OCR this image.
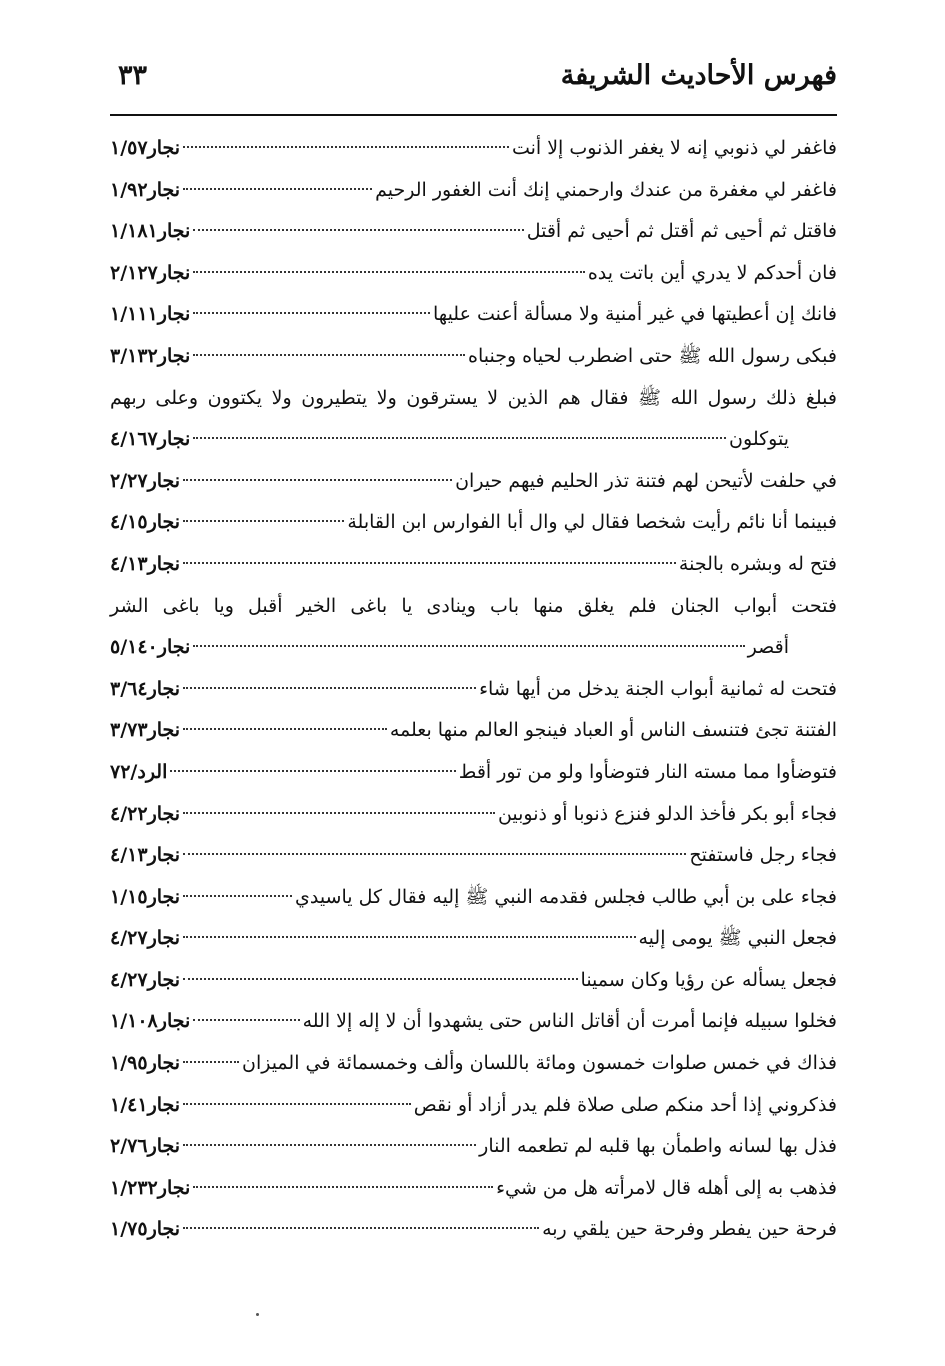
فهرس الأحاديث الشريفة
٣٣
فاغفر لي ذنوبي إنه لا يغفر الذنوب إلا أنت
نجار١/٥٧
فاغفر لي مغفرة من عندك وارحمني إنك أنت الغفور الرحيم
نجار١/٩٢
فاقتل ثم أحيى ثم أقتل ثم أحيى ثم أقتل
نجار١/١٨١
فان أحدكم لا يدري أين باتت يده
نجار٢/١٢٧
فانك إن أعطيتها في غير أمنية ولا مسألة أعنت عليها
نجار١/١١١
فبكى رسول الله ﷺ حتى اضطرب لحياه وجنباه
نجار٣/١٣٢
فبلغ ذلك رسول الله ﷺ فقال هم الذين لا يسترقون ولا يتطيرون ولا يكتوون وعلى ربهم
يتوكلون
نجار٤/١٦٧
في حلفت لأتيحن لهم فتنة تذر الحليم فيهم حيران
نجار٢/٢٧
فبينما أنا نائم رأيت شخصا فقال لي وال أبا الفوارس ابن القابلة
نجار٤/١٥
فتح له وبشره بالجنة
نجار٤/١٣
فتحت أبواب الجنان فلم يغلق منها باب وينادى يا باغى الخير أقبل ويا باغى الشر
أقصر
نجار٥/١٤٠
فتحت له ثمانية أبواب الجنة يدخل من أيها شاء
نجار٣/٦٤
الفتنة تجئ فتنسف الناس أو العباد فينجو العالم منها بعلمه
نجار٣/٧٣
فتوضأوا مما مسته النار فتوضأوا ولو من تور أقط
الرد/٧٢
فجاء أبو بكر فأخذ الدلو فنزع ذنوبا أو ذنوبين
نجار٤/٢٢
فجاء رجل فاستفتح
نجار٤/١٣
فجاء على بن أبي طالب فجلس فقدمه النبي ﷺ إليه فقال كل ياسيدي
نجار١/١٥
فجعل النبي ﷺ يومى إليه
نجار٤/٢٧
فجعل يسأله عن رؤيا وكان سمينا
نجار٤/٢٧
فخلوا سبيله فإنما أمرت أن أقاتل الناس حتى يشهدوا أن لا إله إلا الله
نجار١/١٠٨
فذاك في خمس صلوات خمسون ومائة باللسان وألف وخمسمائة في الميزان
نجار١/٩٥
فذكروني إذا أحد منكم صلى صلاة فلم يدر أزاد أو نقص
نجار١/٤١
فذل بها لسانه واطمأن بها قلبه لم تطعمه النار
نجار٢/٧٦
فذهب به إلى أهله قال لامرأته هل من شيء
نجار١/٢٣٢
فرحة حين يفطر وفرحة حين يلقي ربه
نجار١/٧٥
